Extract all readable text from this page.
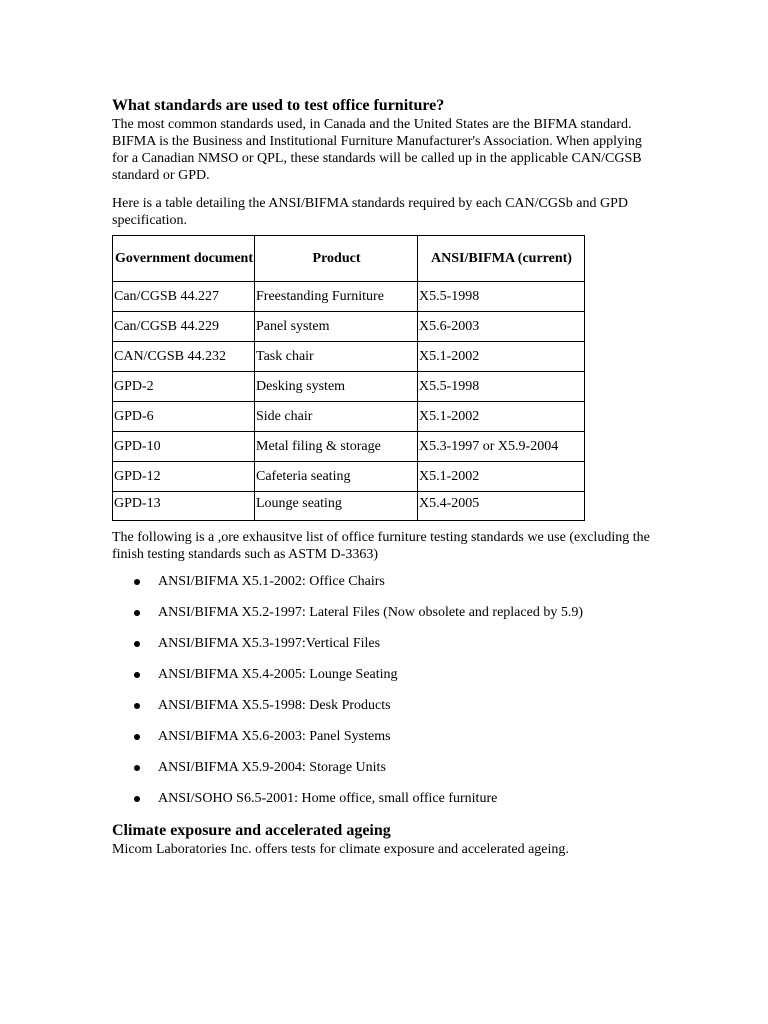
What standards are used to test office furniture?

The most common standards used, in Canada and the United States are the BIFMA standard. BIFMA is the Business and Institutional Furniture Manufacturer's Association. When applying for a Canadian NMSO or QPL, these standards will be called up in the applicable CAN/CGSB standard or GPD.

Here is a table detailing the ANSI/BIFMA standards required by each CAN/CGSb and GPD specification.

Government document	Product	ANSI/BIFMA (current)
Can/CGSB 44.227	Freestanding Furniture	X5.5-1998
Can/CGSB 44.229	Panel system	X5.6-2003
CAN/CGSB 44.232	Task chair	X5.1-2002
GPD-2	Desking system	X5.5-1998
GPD-6	Side chair	X5.1-2002
GPD-10	Metal filing & storage	X5.3-1997 or X5.9-2004
GPD-12	Cafeteria seating	X5.1-2002
GPD-13	Lounge seating	X5.4-2005

The following is a ,ore exhausitve list of office furniture testing standards we use (excluding the finish testing standards such as ASTM D-3363)

ANSI/BIFMA X5.1-2002: Office Chairs
ANSI/BIFMA X5.2-1997: Lateral Files (Now obsolete and replaced by 5.9)
ANSI/BIFMA X5.3-1997:Vertical Files
ANSI/BIFMA X5.4-2005: Lounge Seating
ANSI/BIFMA X5.5-1998: Desk Products
ANSI/BIFMA X5.6-2003: Panel Systems
ANSI/BIFMA X5.9-2004: Storage Units
ANSI/SOHO S6.5-2001: Home office, small office furniture
Climate exposure and accelerated ageing

Micom Laboratories Inc. offers tests for climate exposure and accelerated ageing.
